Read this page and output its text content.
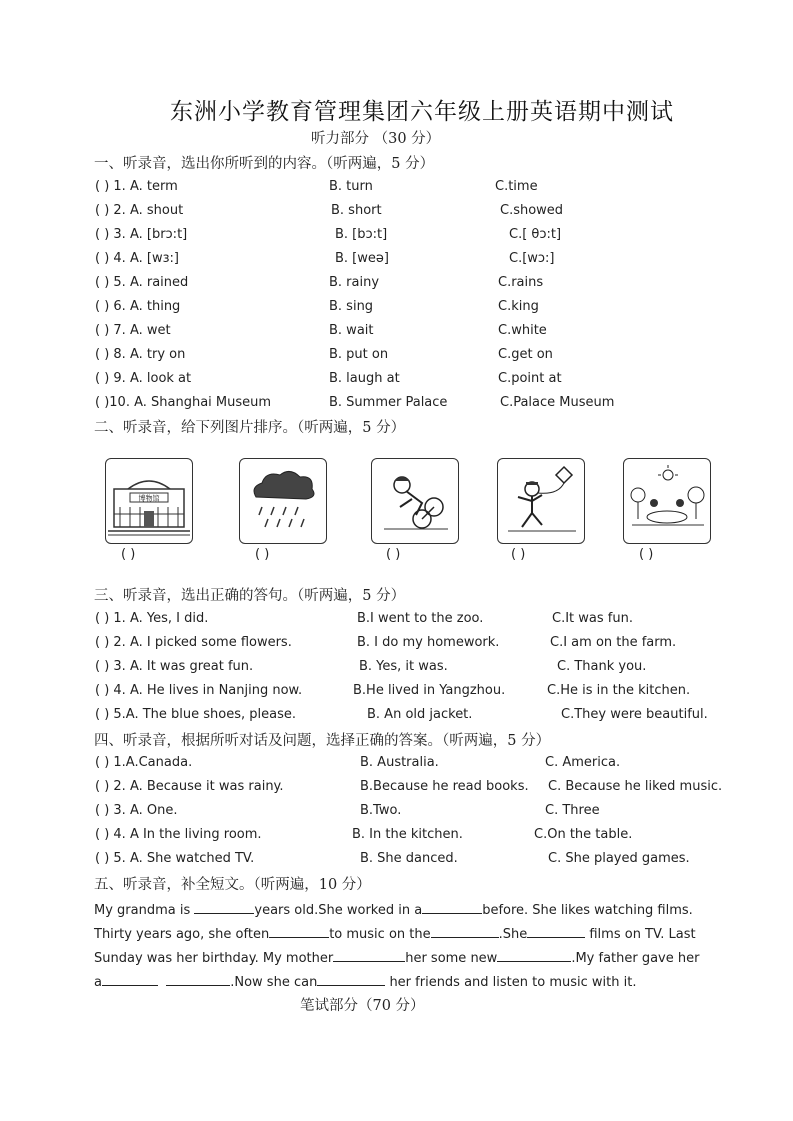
东洲小学教育管理集团六年级上册英语期中测试
听力部分 （30 分）
一、听录音，选出你所听到的内容。（听两遍，5 分）
( ) 1. A. term	B. turn	C.time
( ) 2. A. shout	B. short	C.showed
( ) 3. A. [brɔ:t]	B. [bɔ:t]	C.[ θɔ:t]
( ) 4. A. [wɜ:]	B. [weə]	C.[wɔ:]
( ) 5. A. rained	B. rainy	C.rains
( ) 6. A. thing	B. sing	C.king
( ) 7. A. wet	B. wait	C.white
( ) 8. A. try on	B. put on	C.get on
( ) 9. A. look at	B. laugh at	C.point at
( )10. A. Shanghai Museum	B. Summer Palace	C.Palace Museum
二、听录音，给下列图片排序。（听两遍，5 分）
博物馆
( )	( )	( )	( )	( )
三、听录音，选出正确的答句。（听两遍，5 分）
( ) 1. A. Yes, I did.	B.I went to the zoo.	C.It was fun.
( ) 2. A. I picked some flowers.	B. I do my homework.	C.I am on the farm.
( ) 3. A. It was great fun.	B. Yes, it was.	C. Thank you.
( ) 4. A. He lives in Nanjing now.	B.He lived in Yangzhou.	C.He is in the kitchen.
( ) 5.A. The blue shoes, please.	B. An old jacket.	C.They were beautiful.
四、听录音，根据所听对话及问题，选择正确的答案。（听两遍，5 分）
( ) 1.A.Canada.	B. Australia.	C. America.
( ) 2. A. Because it was rainy.	B.Because he read books. C. Because he liked music.
( ) 3. A. One.	B.Two.	C. Three
( ) 4. A In the living room.	B. In the kitchen.	C.On the table.
( ) 5. A. She watched TV.	B. She danced.	C. She played games.
五、听录音，补全短文。（听两遍，10 分）
My grandma is	years old.She worked in a	before. She likes watching films.
Thirty years ago, she often	to music on the	.She	films on TV. Last
Sunday was her birthday. My mother	her some new	.My father gave her
a	.Now she can	her friends and listen to music with it.
笔试部分（70 分）
